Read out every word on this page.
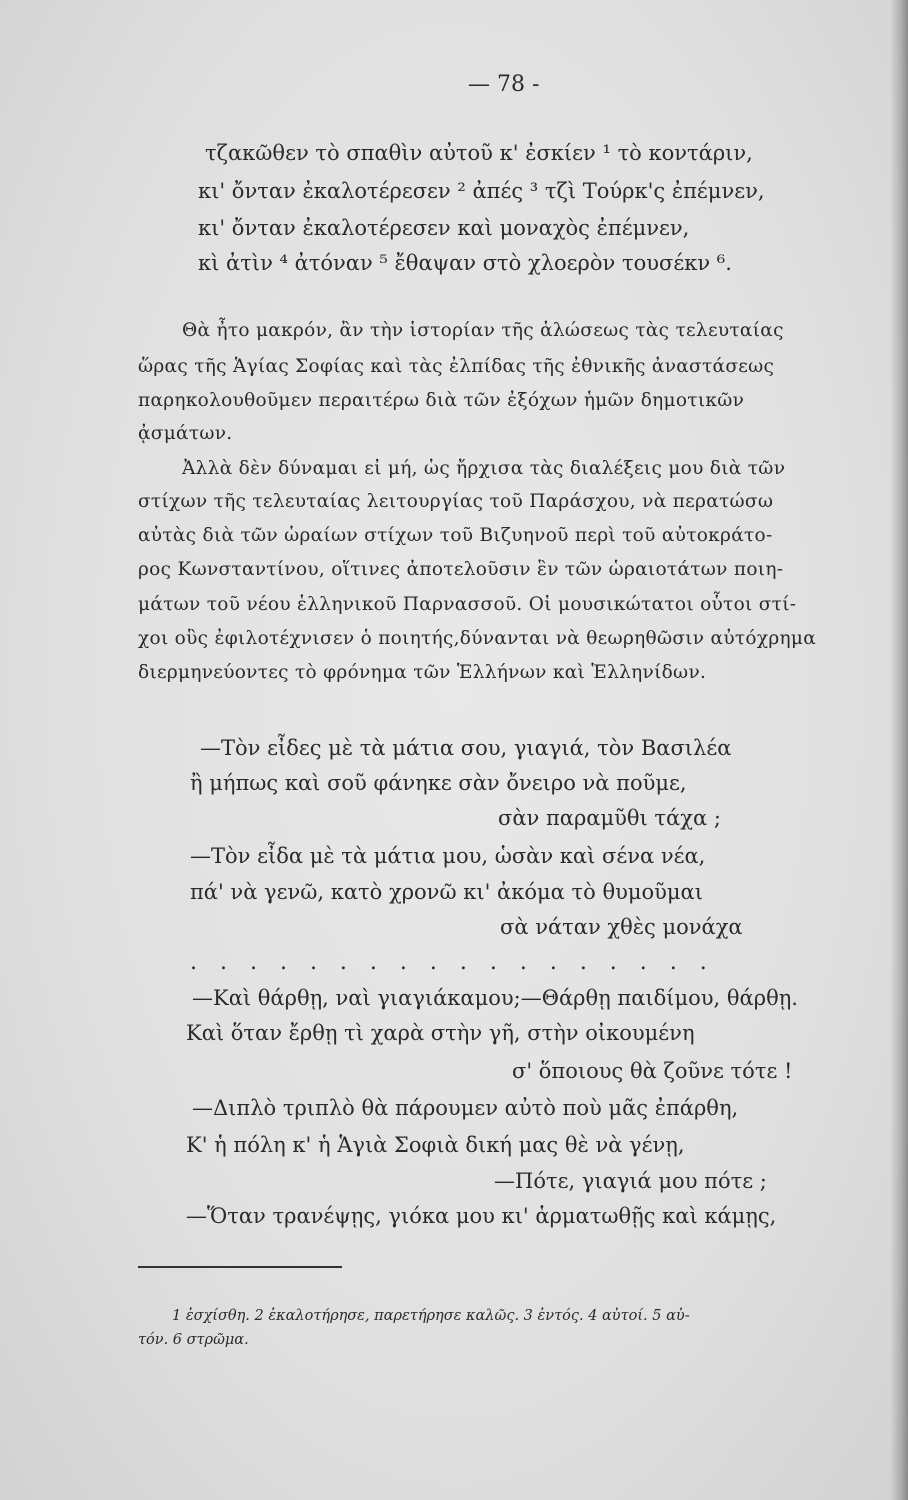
— 78 -
τζακῶθεν τὸ σπαθὶν αὐτοῦ κ' ἐσκίεν ¹ τὸ κοντάριν,
κι' ὄνταν ἐκαλοτέρεσεν ² ἀπές ³ τζὶ Τούρκ'ς ἐπέμνεν,
κι' ὄνταν ἐκαλοτέρεσεν καὶ μοναχὸς ἐπέμνεν,
κὶ ἀτὶν ⁴ ἀτόναν ⁵ ἔθαψαν στὸ χλοερὸν τουσέκν ⁶.
Θὰ ἦτο μακρόν, ἂν τὴν ἱστορίαν τῆς ἁλώσεως τὰς τελευταίας
ὥρας τῆς Ἁγίας Σοφίας καὶ τὰς ἐλπίδας τῆς ἐθνικῆς ἀναστάσεως
παρηκολουθοῦμεν περαιτέρω διὰ τῶν ἐξόχων ἡμῶν δημοτικῶν
ᾀσμάτων.
Ἀλλὰ δὲν δύναμαι εἰ μή, ὡς ἤρχισα τὰς διαλέξεις μου διὰ τῶν
στίχων τῆς τελευταίας λειτουργίας τοῦ Παράσχου, νὰ περατώσω
αὐτὰς διὰ τῶν ὡραίων στίχων τοῦ Βιζυηνοῦ περὶ τοῦ αὐτοκράτο-
ρος Κωνσταντίνου, οἵτινες ἀποτελοῦσιν ἓν τῶν ὡραιοτάτων ποιη-
μάτων τοῦ νέου ἑλληνικοῦ Παρνασσοῦ. Οἱ μουσικώτατοι οὗτοι στί-
χοι οὓς ἐφιλοτέχνισεν ὁ ποιητής,δύνανται νὰ θεωρηθῶσιν αὐτόχρημα
διερμηνεύοντες τὸ φρόνημα τῶν Ἑλλήνων καὶ Ἑλληνίδων.
—Τὸν εἶδες μὲ τὰ μάτια σου, γιαγιά, τὸν Βασιλέα
ἢ μήπως καὶ σοῦ φάνηκε σὰν ὄνειρο νὰ ποῦμε,
σὰν παραμῦθι τάχα ;
—Τὸν εἶδα μὲ τὰ μάτια μου, ὡσὰν καὶ σένα νέα,
πά' νὰ γενῶ, κατὸ χρονῶ κι' ἀκόμα τὸ θυμοῦμαι
σὰ νάταν χθὲς μονάχα
. . . . . . . . . . . . . . . . . .
—Καὶ θάρθῃ, ναὶ γιαγιάκαμου;—Θάρθῃ παιδίμου, θάρθῃ.
Καὶ ὅταν ἔρθῃ τὶ χαρὰ στὴν γῆ, στὴν οἰκουμένη
σ' ὅποιους θὰ ζοῦνε τότε !
—Διπλὸ τριπλὸ θὰ πάρουμεν αὐτὸ ποὺ μᾶς ἐπάρθη,
Κ' ἡ πόλη κ' ἡ Ἁγιὰ Σοφιὰ δική μας θὲ νὰ γένῃ,
—Πότε, γιαγιά μου πότε ;
—Ὅταν τρανέψῃς, γιόκα μου κι' ἁρματωθῇς καὶ κάμῃς,
1 ἐσχίσθη. 2 ἐκαλοτήρησε, παρετήρησε καλῶς. 3 ἐντός. 4 αὐτοί. 5 αὐ-
τόν. 6 στρῶμα.
